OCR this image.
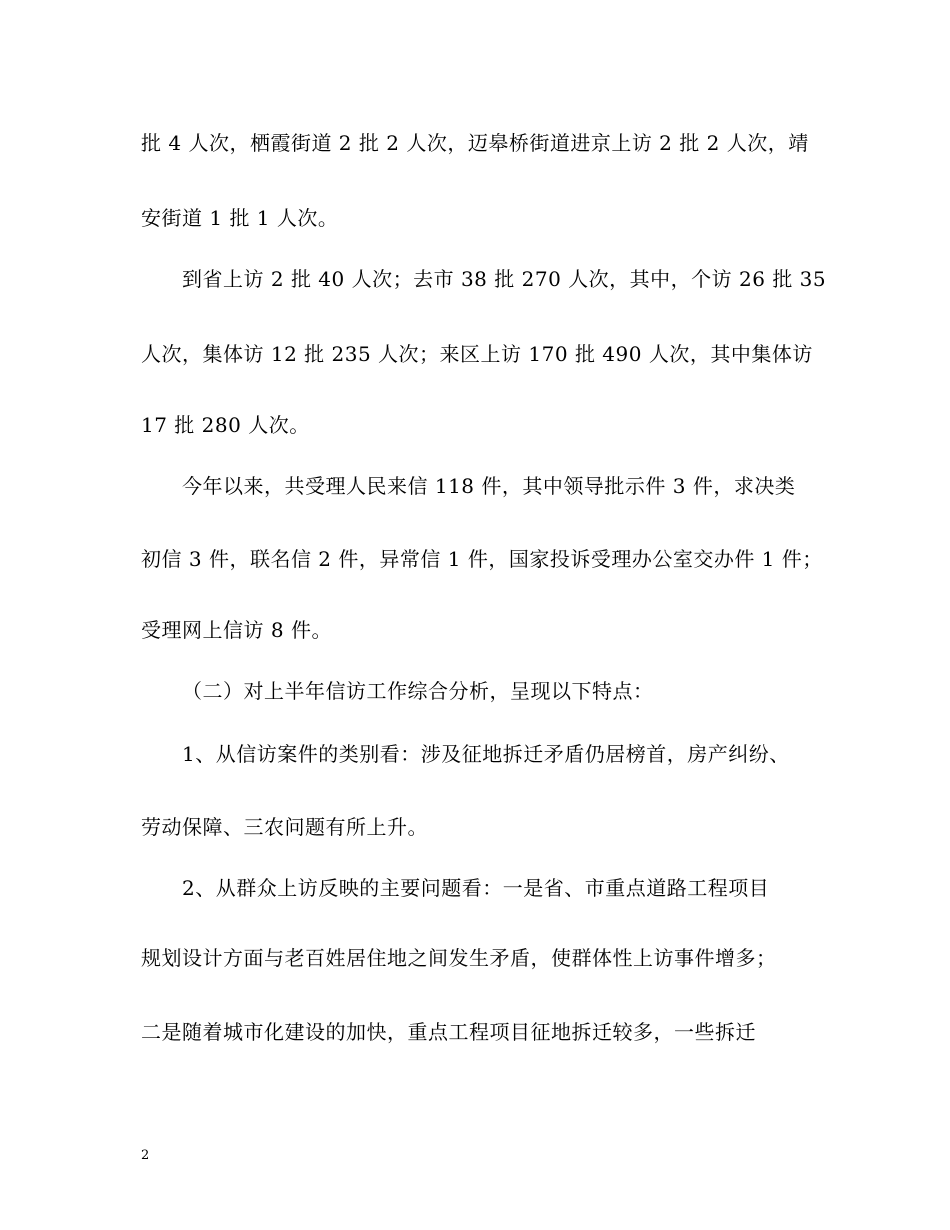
批 4 人次，栖霞街道 2 批 2 人次，迈皋桥街道进京上访 2 批 2 人次，靖
安街道 1 批 1 人次。
到省上访 2 批 40 人次；去市 38 批 270 人次，其中，个访 26 批 35
人次，集体访 12 批 235 人次；来区上访 170 批 490 人次，其中集体访
17 批 280 人次。
今年以来，共受理人民来信 118 件，其中领导批示件 3 件，求决类
初信 3 件，联名信 2 件，异常信 1 件，国家投诉受理办公室交办件 1 件；
受理网上信访 8 件。
（二）对上半年信访工作综合分析，呈现以下特点：
1、从信访案件的类别看：涉及征地拆迁矛盾仍居榜首，房产纠纷、
劳动保障、三农问题有所上升。
2、从群众上访反映的主要问题看：一是省、市重点道路工程项目
规划设计方面与老百姓居住地之间发生矛盾，使群体性上访事件增多；
二是随着城市化建设的加快，重点工程项目征地拆迁较多，一些拆迁
2
